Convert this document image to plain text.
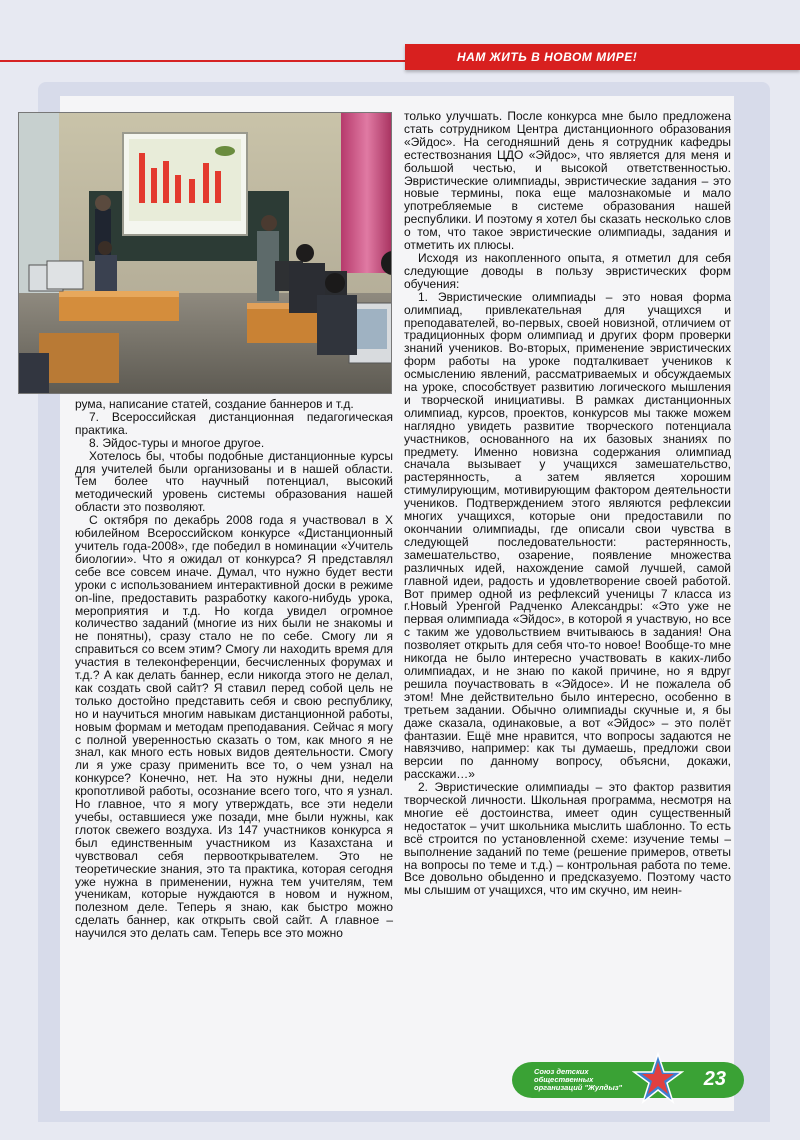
НАМ ЖИТЬ В НОВОМ МИРЕ!

рума, написание статей, создание баннеров и т.д.

7. Всероссийская дистанционная педагогическая практика.

8. Эйдос-туры и многое другое.

Хотелось бы, чтобы подобные дистанционные курсы для учителей были организованы и в нашей области. Тем более что научный потенциал, высокий методический уровень системы образования нашей области это позволяют.

С октября по декабрь 2008 года я участвовал в X юбилейном Всероссийском конкурсе «Дистанционный учитель года-2008», где победил в номинации «Учитель биологии». Что я ожидал от конкурса? Я представлял себе все совсем иначе. Думал, что нужно будет вести уроки с использованием интерактивной доски в режиме on-line, предоставить разработку какого-нибудь урока, мероприятия и т.д. Но когда увидел огромное количество заданий (многие из них были не знакомы и не понятны), сразу стало не по себе. Смогу ли я справиться со всем этим? Смогу ли находить время для участия в телеконференции, бесчисленных форумах и т.д.? А как делать баннер, если никогда этого не делал, как создать свой сайт? Я ставил перед собой цель не только достойно представить себя и свою республику, но и научиться многим навыкам дистанционной работы, новым формам и методам преподавания. Сейчас я могу с полной уверенностью сказать о том, как много я не знал, как много есть новых видов деятельности. Смогу ли я уже сразу применить все то, о чем узнал на конкурсе? Конечно, нет. На это нужны дни, недели кропотливой работы, осознание всего того, что я узнал. Но главное, что я могу утверждать, все эти недели учебы, оставшиеся уже позади, мне были нужны, как глоток свежего воздуха. Из 147 участников конкурса я был единственным участником из Казахстана и чувствовал себя первооткрывателем. Это не теоретические знания, это та практика, которая сегодня уже нужна в применении, нужна тем учителям, тем ученикам, которые нуждаются в новом и нужном, полезном деле. Теперь я знаю, как быстро можно сделать баннер, как открыть свой сайт. А главное – научился это делать сам. Теперь все это можно

только улучшать. После конкурса мне было предложена стать сотрудником Центра дистанционного образования «Эйдос». На сегодняшний день я сотрудник кафедры естествознания ЦДО «Эйдос», что является для меня и большой честью, и высокой ответственностью. Эвристические олимпиады, эвристические задания – это новые термины, пока еще малознакомые и мало употребляемые в системе образования нашей республики. И поэтому я хотел бы сказать несколько слов о том, что такое эвристические олимпиады, задания и отметить их плюсы.

Исходя из накопленного опыта, я отметил для себя следующие доводы в пользу эвристических форм обучения:

1. Эвристические олимпиады – это новая форма олимпиад, привлекательная для учащихся и преподавателей, во-первых, своей новизной, отличием от традиционных форм олимпиад и других форм проверки знаний учеников. Во-вторых, применение эвристических форм работы на уроке подталкивает учеников к осмыслению явлений, рассматриваемых и обсуждаемых на уроке, способствует развитию логического мышления и творческой инициативы. В рамках дистанционных олимпиад, курсов, проектов, конкурсов мы также можем наглядно увидеть развитие творческого потенциала участников, основанного на их базовых знаниях по предмету. Именно новизна содержания олимпиад сначала вызывает у учащихся замешательство, растерянность, а затем является хорошим стимулирующим, мотивирующим фактором деятельности учеников. Подтверждением этого являются рефлексии многих учащихся, которые они предоставили по окончании олимпиады, где описали свои чувства в следующей последовательности: растерянность, замешательство, озарение, появление множества различных идей, нахождение самой лучшей, самой главной идеи, радость и удовлетворение своей работой. Вот пример одной из рефлексий ученицы 7 класса из г.Новый Уренгой Радченко Александры: «Это уже не первая олимпиада «Эйдос», в которой я участвую, но все с таким же удовольствием вчитываюсь в задания! Она позволяет открыть для себя что-то новое! Вообще-то мне никогда не было интересно участвовать в каких-либо олимпиадах, и не знаю по какой причине, но я вдруг решила поучаствовать в «Эйдосе». И не пожалела об этом! Мне действительно было интересно, особенно в третьем задании. Обычно олимпиады скучные и, я бы даже сказала, одинаковые, а вот «Эйдос» – это полёт фантазии. Ещё мне нравится, что вопросы задаются не навязчиво, например: как ты думаешь, предложи свои версии по данному вопросу, объясни, докажи, расскажи…»

2. Эвристические олимпиады – это фактор развития творческой личности. Школьная программа, несмотря на многие её достоинства, имеет один существенный недостаток – учит школьника мыслить шаблонно. То есть всё строится по установленной схеме: изучение темы – выполнение заданий по теме (решение примеров, ответы на вопросы по теме и т.д.) – контрольная работа по теме. Все довольно обыденно и предсказуемо. Поэтому часто мы слышим от учащихся, что им скучно, им неин-

Союз детских общественных организаций "Жулдыз"	23
